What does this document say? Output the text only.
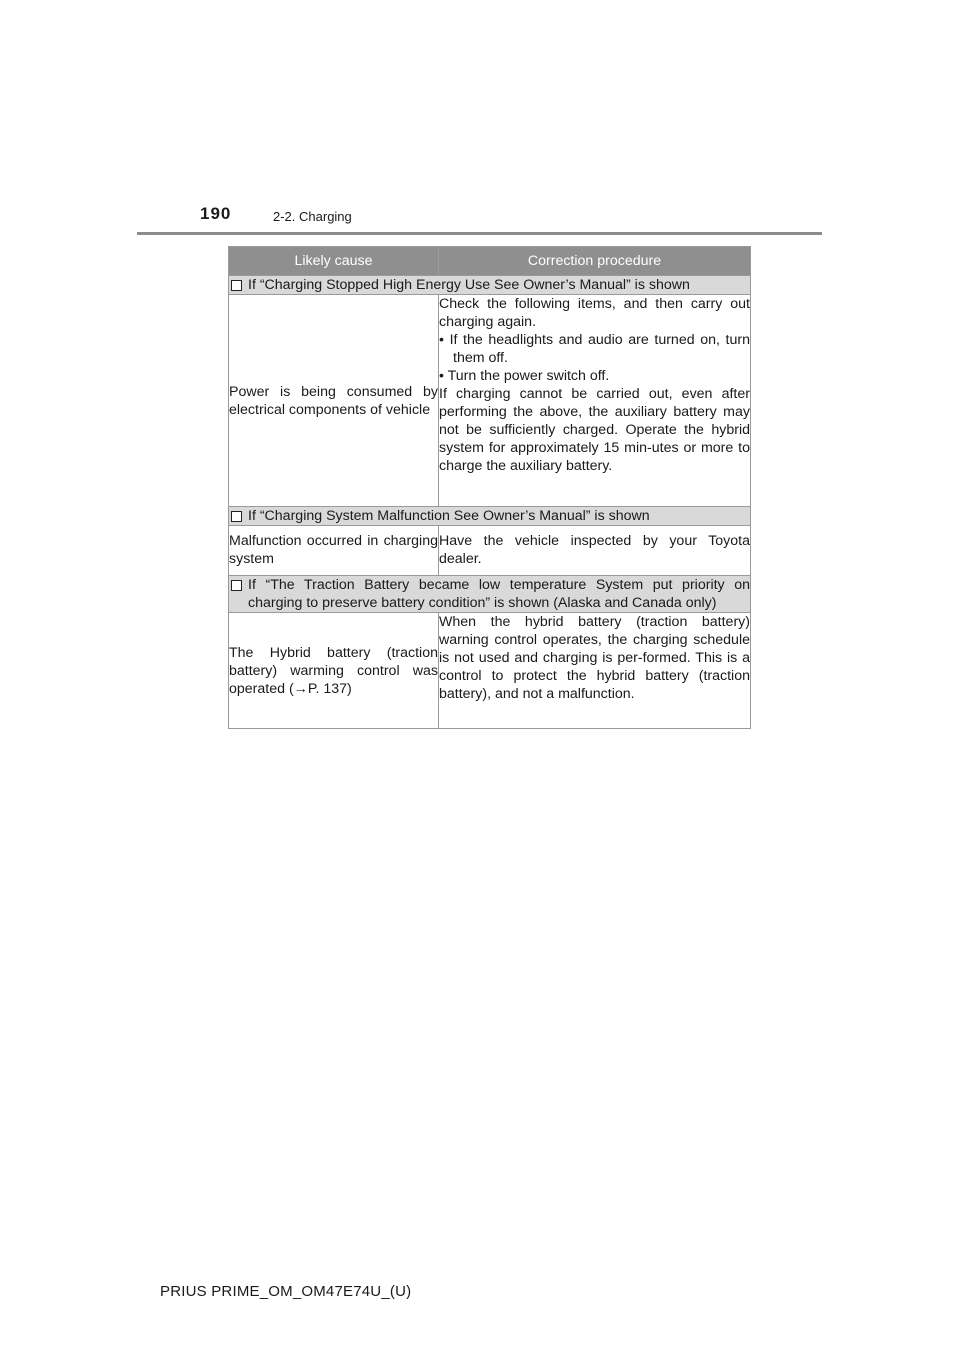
190	2-2. Charging
Likely cause	Correction procedure

If “Charging Stopped High Energy Use See Owner’s Manual” is shown	

Power is being consumed by electrical components of vehicle	Check the following items, and then carry out charging again.
• If the headlights and audio are turned on, turn them off.
• Turn the power switch off.
If charging cannot be carried out, even after performing the above, the auxiliary battery may not be sufficiently charged. Operate the hybrid system for approximately 15 min-utes or more to charge the auxiliary battery.

If “Charging System Malfunction See Owner’s Manual” is shown	

Malfunction occurred in charging system	Have the vehicle inspected by your Toyota dealer.

If “The Traction Battery became low temperature System put priority on charging to preserve battery condition” is shown (Alaska and Canada only)	

The Hybrid battery (traction battery) warming control was operated (→P. 137)	When the hybrid battery (traction battery) warning control operates, the charging schedule is not used and charging is per-formed. This is a control to protect the hybrid battery (traction battery), and not a malfunction.
PRIUS PRIME_OM_OM47E74U_(U)
